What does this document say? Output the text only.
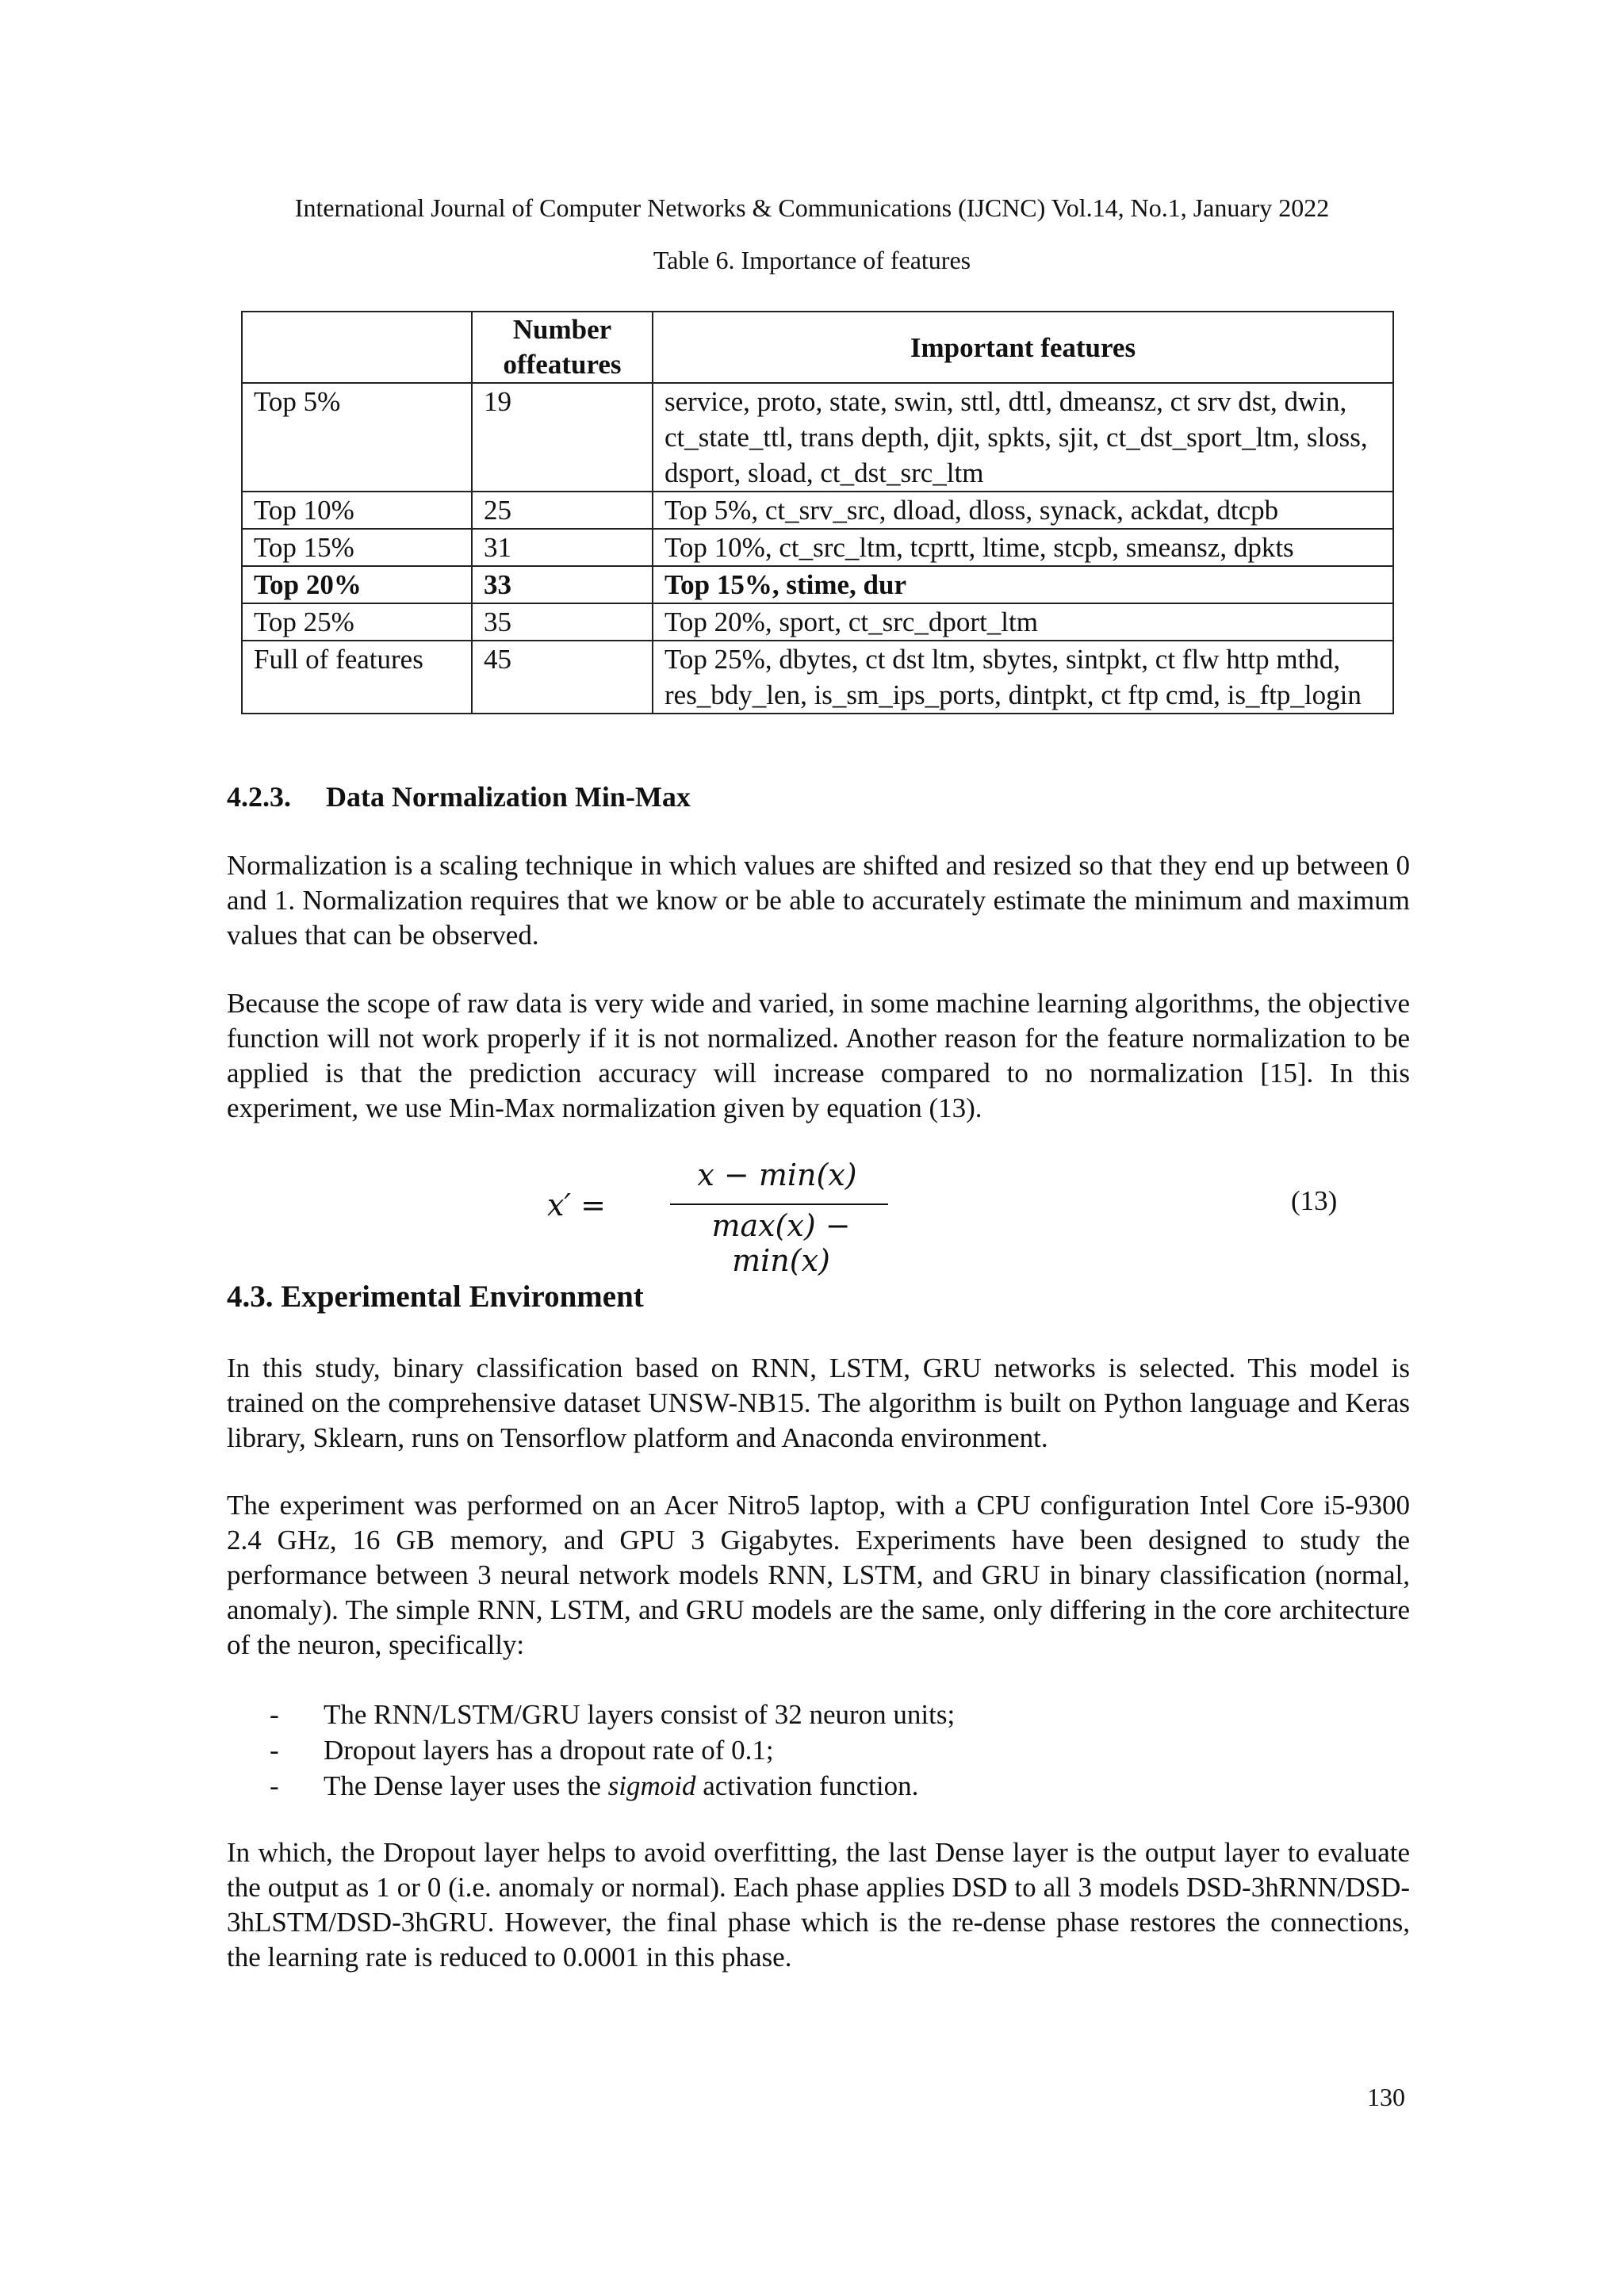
International Journal of Computer Networks & Communications (IJCNC) Vol.14, No.1, January 2022
Table 6. Importance of features
	Number offeatures	Important features
Top 5%	19	service, proto, state, swin, sttl, dttl, dmeansz, ct srv dst, dwin, ct_state_ttl, trans depth, djit, spkts, sjit, ct_dst_sport_ltm, sloss, dsport, sload, ct_dst_src_ltm
Top 10%	25	Top 5%, ct_srv_src, dload, dloss, synack, ackdat, dtcpb
Top 15%	31	Top 10%, ct_src_ltm, tcprtt, ltime, stcpb, smeansz, dpkts
Top 20%	33	Top 15%, stime, dur
Top 25%	35	Top 20%, sport, ct_src_dport_ltm
Full of features	45	Top 25%, dbytes, ct dst ltm, sbytes, sintpkt, ct flw http mthd, res_bdy_len, is_sm_ips_ports, dintpkt, ct ftp cmd, is_ftp_login
4.2.3. Data Normalization Min-Max

Normalization is a scaling technique in which values are shifted and resized so that they end up between 0 and 1. Normalization requires that we know or be able to accurately estimate the minimum and maximum values that can be observed.

Because the scope of raw data is very wide and varied, in some machine learning algorithms, the objective function will not work properly if it is not normalized. Another reason for the feature normalization to be applied is that the prediction accuracy will increase compared to no normalization [15]. In this experiment, we use Min-Max normalization given by equation (13).

x′ =
x − min(x)
max(x) − min(x)
(13)
4.3. Experimental Environment

In this study, binary classification based on RNN, LSTM, GRU networks is selected. This model is trained on the comprehensive dataset UNSW-NB15. The algorithm is built on Python language and Keras library, Sklearn, runs on Tensorflow platform and Anaconda environment.

The experiment was performed on an Acer Nitro5 laptop, with a CPU configuration Intel Core i5-9300 2.4 GHz, 16 GB memory, and GPU 3 Gigabytes. Experiments have been designed to study the performance between 3 neural network models RNN, LSTM, and GRU in binary classification (normal, anomaly). The simple RNN, LSTM, and GRU models are the same, only differing in the core architecture of the neuron, specifically:

- The RNN/LSTM/GRU layers consist of 32 neuron units;
- Dropout layers has a dropout rate of 0.1;
- The Dense layer uses the sigmoid activation function.

In which, the Dropout layer helps to avoid overfitting, the last Dense layer is the output layer to evaluate the output as 1 or 0 (i.e. anomaly or normal). Each phase applies DSD to all 3 models DSD-3hRNN/DSD-3hLSTM/DSD-3hGRU. However, the final phase which is the re-dense phase restores the connections, the learning rate is reduced to 0.0001 in this phase.

130
